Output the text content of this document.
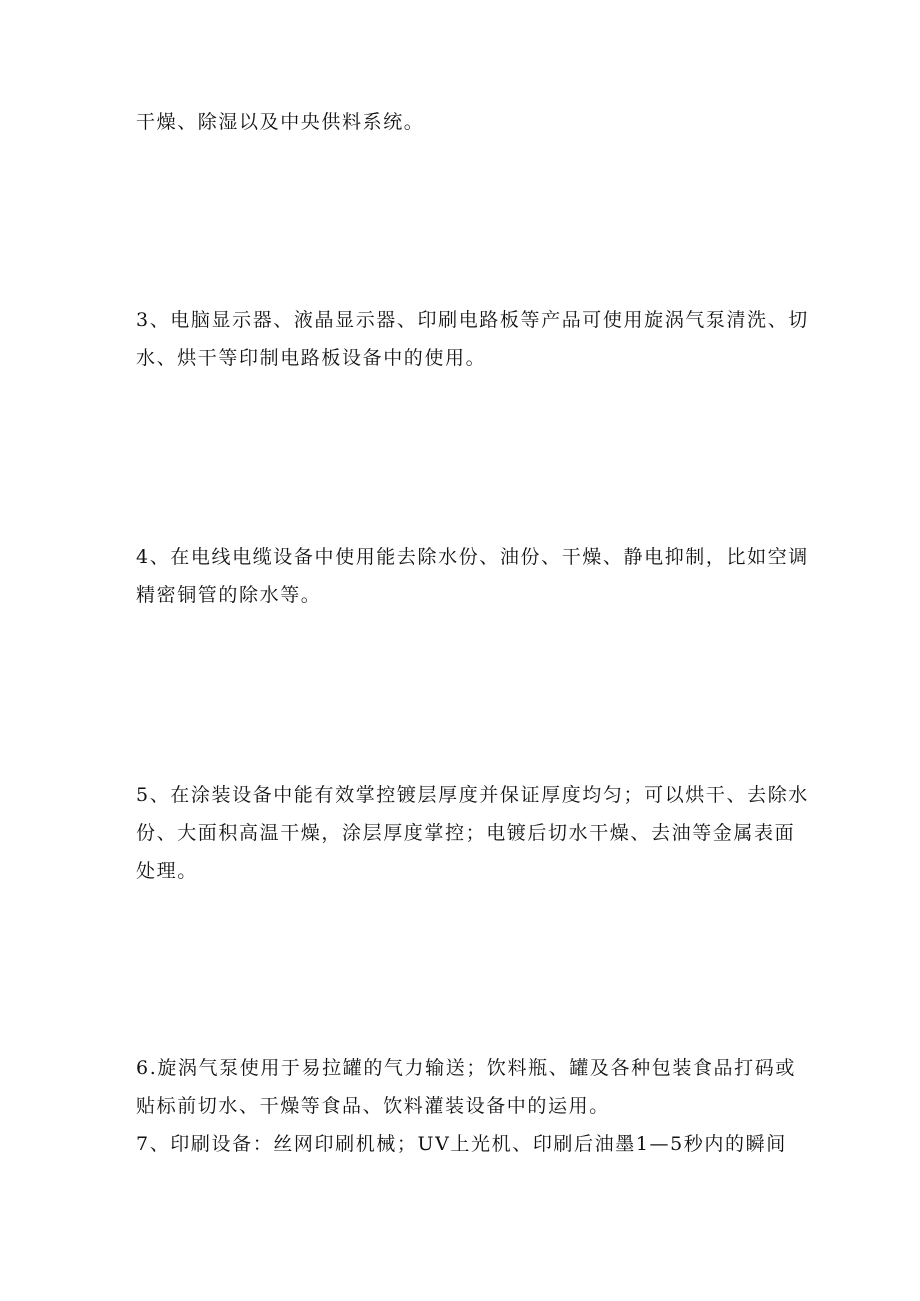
干燥、除湿以及中央供料系统。

3、电脑显示器、液晶显示器、印刷电路板等产品可使用旋涡气泵清洗、切
水、烘干等印制电路板设备中的使用。

4、在电线电缆设备中使用能去除水份、油份、干燥、静电抑制，比如空调
精密铜管的除水等。

5、在涂装设备中能有效掌控镀层厚度并保证厚度均匀；可以烘干、去除水
份、大面积高温干燥，涂层厚度掌控；电镀后切水干燥、去油等金属表面
处理。

6.旋涡气泵使用于易拉罐的气力输送；饮料瓶、罐及各种包装食品打码或
贴标前切水、干燥等食品、饮料灌装设备中的运用。

7、印刷设备：丝网印刷机械；UV上光机、印刷后油墨1—5秒内的瞬间
